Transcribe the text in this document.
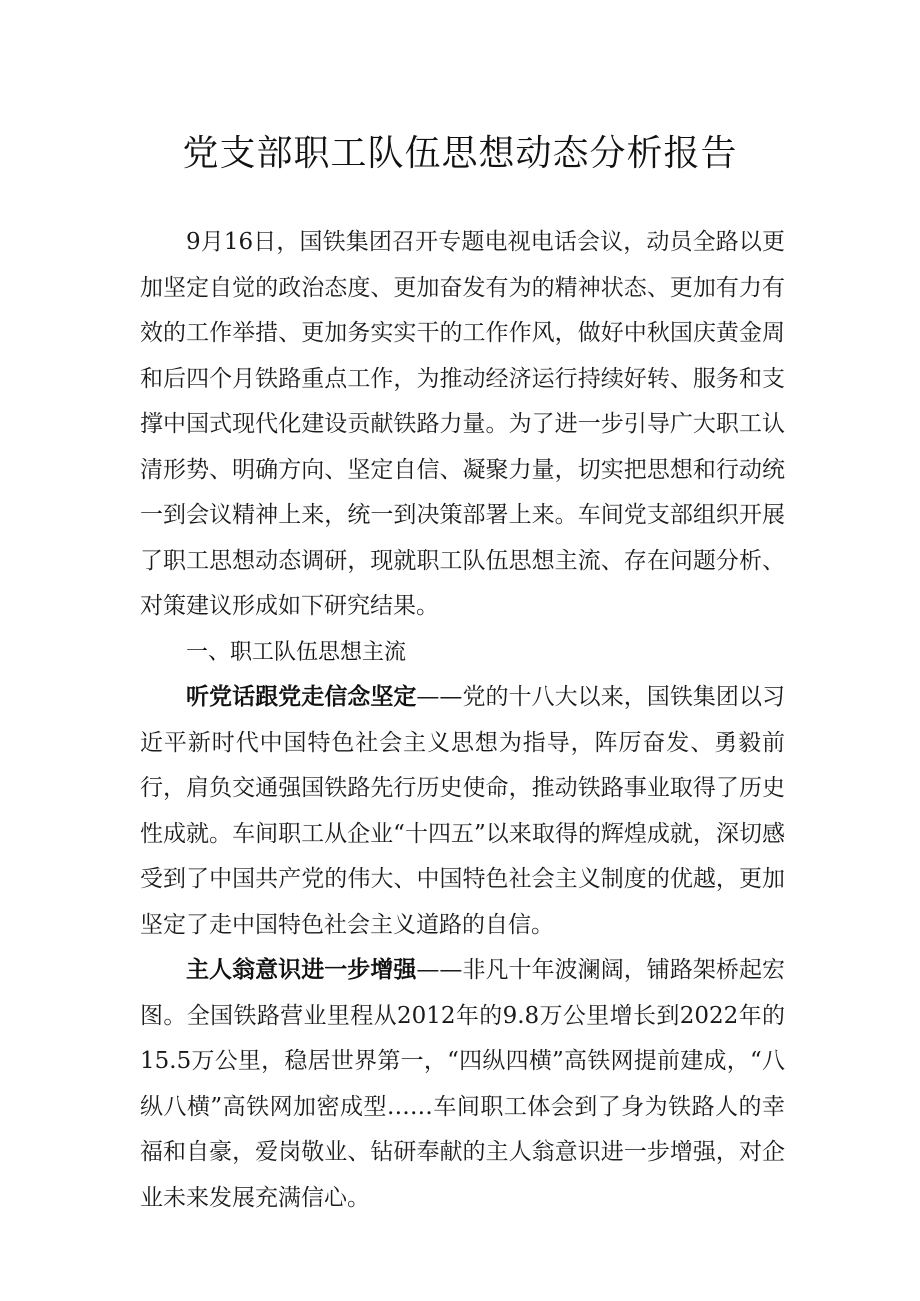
党支部职工队伍思想动态分析报告

9月16日，国铁集团召开专题电视电话会议，动员全路以更加坚定自觉的政治态度、更加奋发有为的精神状态、更加有力有效的工作举措、更加务实实干的工作作风，做好中秋国庆黄金周和后四个月铁路重点工作，为推动经济运行持续好转、服务和支撑中国式现代化建设贡献铁路力量。为了进一步引导广大职工认清形势、明确方向、坚定自信、凝聚力量，切实把思想和行动统一到会议精神上来，统一到决策部署上来。车间党支部组织开展了职工思想动态调研，现就职工队伍思想主流、存在问题分析、对策建议形成如下研究结果。

一、职工队伍思想主流

听党话跟党走信念坚定——党的十八大以来，国铁集团以习近平新时代中国特色社会主义思想为指导，阵厉奋发、勇毅前行，肩负交通强国铁路先行历史使命，推动铁路事业取得了历史性成就。车间职工从企业“十四五”以来取得的辉煌成就，深切感受到了中国共产党的伟大、中国特色社会主义制度的优越，更加坚定了走中国特色社会主义道路的自信。

主人翁意识进一步增强——非凡十年波澜阔，铺路架桥起宏图。全国铁路营业里程从2012年的9.8万公里增长到2022年的15.5万公里，稳居世界第一，“四纵四横”高铁网提前建成，“八纵八横”高铁网加密成型……车间职工体会到了身为铁路人的幸福和自豪，爱岗敬业、钻研奉献的主人翁意识进一步增强，对企业未来发展充满信心。
